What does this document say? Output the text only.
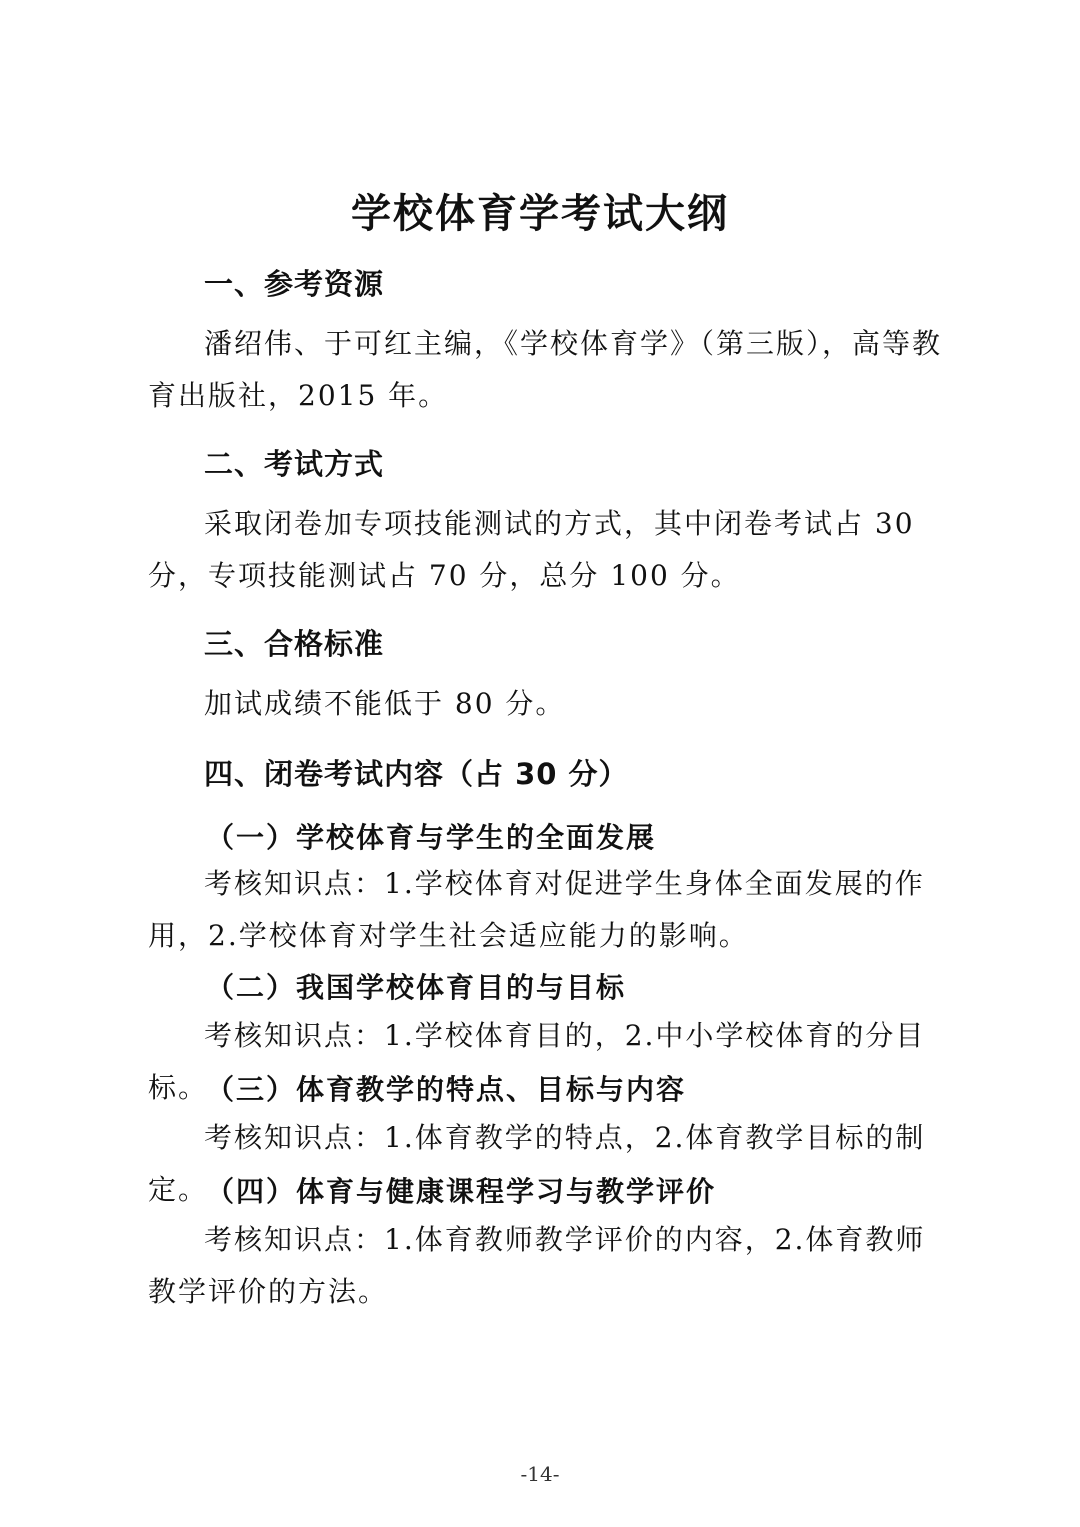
学校体育学考试大纲
一、参考资源
潘绍伟、于可红主编，《学校体育学》（第三版），高等教育出版社，2015 年。
二、考试方式
采取闭卷加专项技能测试的方式，其中闭卷考试占 30 分，专项技能测试占 70 分，总分 100 分。
三、合格标准
加试成绩不能低于 80 分。
四、闭卷考试内容（占 30 分）
（一）学校体育与学生的全面发展
考核知识点：1.学校体育对促进学生身体全面发展的作用，2.学校体育对学生社会适应能力的影响。
（二）我国学校体育目的与目标
考核知识点：1.学校体育目的，2.中小学校体育的分目标。
（三）体育教学的特点、目标与内容
考核知识点：1.体育教学的特点，2.体育教学目标的制定。
（四）体育与健康课程学习与教学评价
考核知识点：1.体育教师教学评价的内容，2.体育教师教学评价的方法。
-14-
